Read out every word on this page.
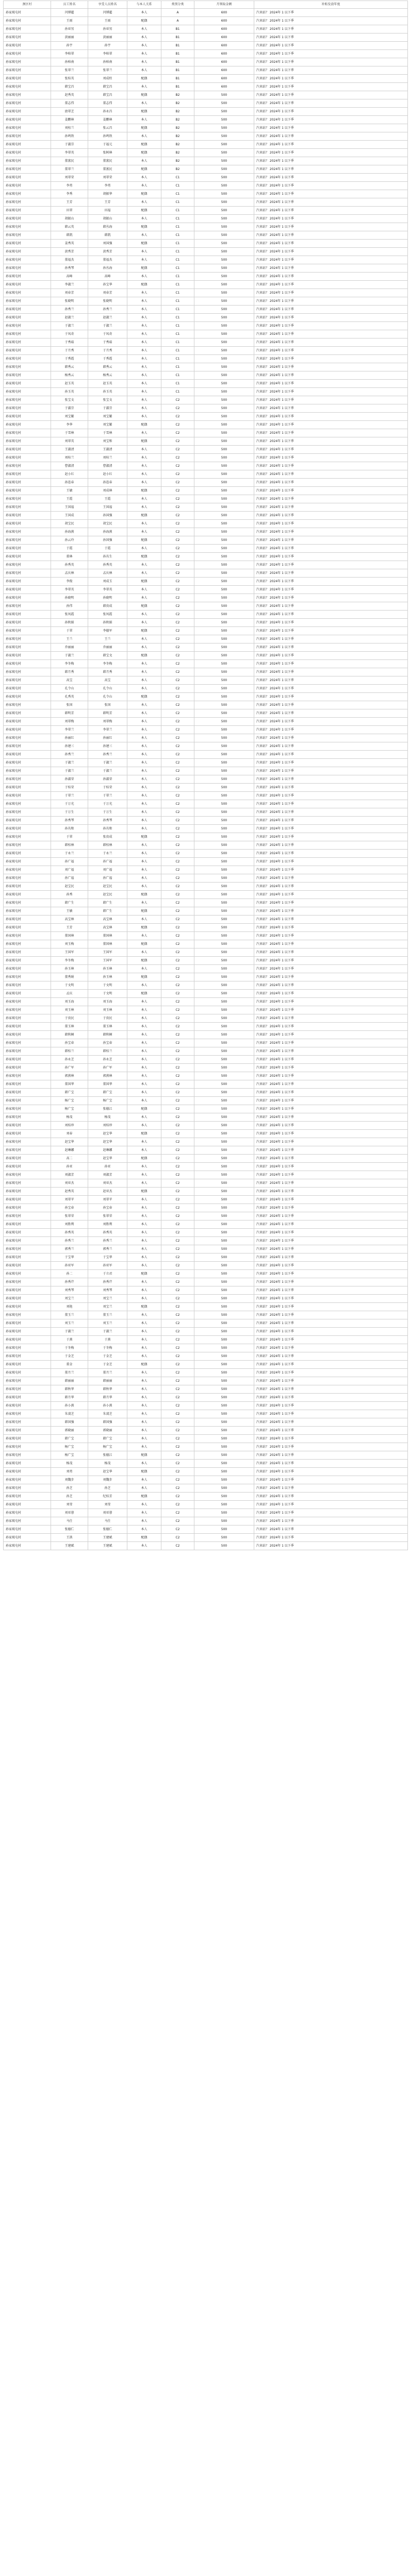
颈区村	员工姓名	享受人员姓名	与本人关系	类别分类	月领取金额	补贴发放年度
孙家坡屯村	闫博超	闫博超	本人	A	600	汽車站？ 2024年 1 以下季
孙家坡屯村	王雨	王雨	配偶	A	600	汽車站？ 2024年 1 以下季
孙家坡屯村	孙亚男	孙亚男	本人	B1	600	汽車站？ 2024年 1 以下季
孙家坡屯村	黄丽丽	黄丽丽	本人	B1	600	汽車站？ 2024年 1 以下季
孙家坡屯村	孙宇	孙宇	本人	B1	600	汽車站？ 2024年 1 以下季
孙家坡屯村	李柏翠	李柏翠	本人	B1	600	汽車站？ 2024年 1 以下季
孙家坡屯村	孙柏南	孙柏南	本人	B1	600	汽車站？ 2024年 1 以下季
孙家坡屯村	张翠兰	张翠兰	本人	B1	600	汽車站？ 2024年 1 以下季
孙家坡屯村	张桂英	刘成柱	配偶	B1	600	汽車站？ 2024年 1 以下季
孙家坡屯村	韩宝昌	韩宝昌	本人	B1	600	汽車站？ 2024年 1 以下季
孙家坡屯村	赵秀英	韩宝昌	配偶	B2	500	汽車站？ 2024年 1 以下季
孙家坡屯村	董志伟	董志伟	本人	B2	500	汽車站？ 2024年 1 以下季
孙家坡屯村	唐翠芝	孙永昌	配偶	B2	500	汽車站？ 2024年 1 以下季
孙家坡屯村	姜鹏林	姜鹏林	本人	B2	500	汽車站？ 2024年 1 以下季
孙家坡屯村	刘桂兰	张云昌	配偶	B2	500	汽車站？ 2024年 1 以下季
孙家坡屯村	孙鸣铁	孙鸣铁	本人	B2	500	汽車站？ 2024年 1 以下季
孙家坡屯村	于淑芬	于福元	配偶	B2	500	汽車站？ 2024年 1 以下季
孙家坡屯村	李翠英	张树林	配偶	B2	500	汽車站？ 2024年 1 以下季
孙家坡屯村	董富民	董富民	本人	B2	500	汽車站？ 2024年 1 以下季
孙家坡屯村	董翠兰	董富民	配偶	B2	500	汽車站？ 2024年 1 以下季
孙家坡屯村	刘翠荣	刘翠荣	本人	C1	500	汽車站？ 2024年 1 以下季
孙家坡屯村	李勇	李勇	本人	C1	500	汽車站？ 2024年 1 以下季
孙家坡屯村	李秀	胡振华	配偶	C1	500	汽車站？ 2024年 1 以下季
孙家坡屯村	王芳	王芳	本人	C1	500	汽車站？ 2024年 1 以下季
孙家坡屯村	田翠	田福	配偶	C1	500	汽車站？ 2024年 1 以下季
孙家坡屯村	胡振山	胡振山	本人	C1	500	汽車站？ 2024年 1 以下季
孙家坡屯村	韩云英	韩丛海	配偶	C1	500	汽車站？ 2024年 1 以下季
孙家坡屯村	韩凯	韩凯	本人	C1	500	汽車站？ 2024年 1 以下季
孙家坡屯村	姜秀英	刘国强	配偶	C1	500	汽車站？ 2024年 1 以下季
孙家坡屯村	黄秀芳	黄秀芳	本人	C1	500	汽車站？ 2024年 1 以下季
孙家坡屯村	董福杰	董福杰	本人	C1	500	汽車站？ 2024年 1 以下季
孙家坡屯村	孙秀琴	孙丛海	配偶	C1	500	汽車站？ 2024年 1 以下季
孙家坡屯村	高峰	高峰	本人	C1	500	汽車站？ 2024年 1 以下季
孙家坡屯村	李淑兰	孙宝华	配偶	C1	500	汽車站？ 2024年 1 以下季
孙家坡屯村	刘春芳	刘春芳	本人	C1	500	汽車站？ 2024年 1 以下季
孙家坡屯村	张晓明	张晓明	本人	C1	500	汽車站？ 2024年 1 以下季
孙家坡屯村	孙秀兰	孙秀兰	本人	C1	500	汽車站？ 2024年 1 以下季
孙家坡屯村	赵淑兰	赵淑兰	本人	C1	500	汽車站？ 2024年 1 以下季
孙家坡屯村	于淑兰	于淑兰	本人	C1	500	汽車站？ 2024年 1 以下季
孙家坡屯村	于凤奇	于凤奇	本人	C1	500	汽車站？ 2024年 1 以下季
孙家坡屯村	于秀茹	于秀茹	本人	C1	500	汽車站？ 2024年 1 以下季
孙家坡屯村	于月秀	于月秀	本人	C1	500	汽車站？ 2024年 1 以下季
孙家坡屯村	于秀霞	于秀霞	本人	C1	500	汽車站？ 2024年 1 以下季
孙家坡屯村	韩秀云	韩秀云	本人	C1	500	汽車站？ 2024年 1 以下季
孙家坡屯村	杨秀云	杨秀云	本人	C1	500	汽車站？ 2024年 1 以下季
孙家坡屯村	赵玉英	赵玉英	本人	C1	500	汽車站？ 2024年 1 以下季
孙家坡屯村	孙玉英	孙玉英	本人	C1	500	汽車站？ 2024年 1 以下季
孙家坡屯村	张宝文	张宝文	本人	C2	500	汽車站？ 2024年 1 以下季
孙家坡屯村	于淑芬	于淑芬	本人	C2	500	汽車站？ 2024年 1 以下季
孙家坡屯村	刘宝繁	刘宝繁	本人	C2	500	汽車站？ 2024年 1 以下季
孙家坡屯村	李华	刘宝繁	配偶	C2	500	汽車站？ 2024年 1 以下季
孙家坡屯村	于雪林	于雪林	本人	C2	500	汽車站？ 2024年 1 以下季
孙家坡屯村	刘翠英	刘宝和	配偶	C2	500	汽車站？ 2024年 1 以下季
孙家坡屯村	王淑清	王淑清	本人	C2	500	汽車站？ 2024年 1 以下季
孙家坡屯村	刘桂兰	刘桂兰	本人	C2	500	汽車站？ 2024年 1 以下季
孙家坡屯村	曹淑清	曹淑清	本人	C2	500	汽車站？ 2024年 1 以下季
孙家坡屯村	赵小红	赵小红	本人	C2	500	汽車站？ 2024年 1 以下季
孙家坡屯村	孙连春	孙连春	本人	C2	500	汽車站？ 2024年 1 以下季
孙家坡屯村	王敏	刘成林	配偶	C2	500	汽車站？ 2024年 1 以下季
孙家坡屯村	王霞	王霞	本人	C2	500	汽車站？ 2024年 1 以下季
孙家坡屯村	王国福	王国福	本人	C2	500	汽車站？ 2024年 1 以下季
孙家坡屯村	王国成	孙国强	配偶	C2	500	汽車站？ 2024年 1 以下季
孙家坡屯村	胡宝民	胡宝民	本人	C2	500	汽車站？ 2024年 1 以下季
孙家坡屯村	孙海燕	孙海燕	本人	C2	500	汽車站？ 2024年 1 以下季
孙家坡屯村	孙云玲	孙国强	配偶	C2	500	汽車站？ 2024年 1 以下季
孙家坡屯村	于霞	于霞	本人	C2	500	汽車站？ 2024年 1 以下季
孙家坡屯村	董林	孙丛生	配偶	C2	500	汽車站？ 2024年 1 以下季
孙家坡屯村	孙秀英	孙秀英	本人	C2	500	汽車站？ 2024年 1 以下季
孙家坡屯村	孟庆林	孟庆林	本人	C2	500	汽車站？ 2024年 1 以下季
孙家坡屯村	李俊	刘成玉	配偶	C2	500	汽車站？ 2024年 1 以下季
孙家坡屯村	李翠英	李翠英	本人	C2	500	汽車站？ 2024年 1 以下季
孙家坡屯村	孙晓明	孙晓明	本人	C2	500	汽車站？ 2024年 1 以下季
孙家坡屯村	孙伟	韩贵成	配偶	C2	500	汽車站？ 2024年 1 以下季
孙家坡屯村	张凤霞	张凤霞	本人	C2	500	汽車站？ 2024年 1 以下季
孙家坡屯村	孙秋娟	孙秋娟	本人	C2	500	汽車站？ 2024年 1 以下季
孙家坡屯村	于翠	李德军	配偶	C2	500	汽車站？ 2024年 1 以下季
孙家坡屯村	王兰	王兰	本人	C2	500	汽車站？ 2024年 1 以下季
孙家坡屯村	乔丽丽	乔丽丽	本人	C2	500	汽車站？ 2024年 1 以下季
孙家坡屯村	于淑兰	韩宝文	配偶	C2	500	汽車站？ 2024年 1 以下季
孙家坡屯村	李冬梅	李冬梅	本人	C2	500	汽車站？ 2024年 1 以下季
孙家坡屯村	韩月秀	韩月秀	本人	C2	500	汽車站？ 2024年 1 以下季
孙家坡屯村	高宝	高宝	本人	C2	500	汽車站？ 2024年 1 以下季
孙家坡屯村	孔令山	孔令山	本人	C2	500	汽車站？ 2024年 1 以下季
孙家坡屯村	孔秀英	孔令山	配偶	C2	500	汽車站？ 2024年 1 以下季
孙家坡屯村	张国	张国	本人	C2	500	汽車站？ 2024年 1 以下季
孙家坡屯村	韩明芳	韩明芳	本人	C2	500	汽車站？ 2024年 1 以下季
孙家坡屯村	刘翠梅	刘翠梅	本人	C2	500	汽車站？ 2024年 1 以下季
孙家坡屯村	李翠兰	李翠兰	本人	C2	500	汽車站？ 2024年 1 以下季
孙家坡屯村	孙丽红	孙丽红	本人	C2	500	汽車站？ 2024年 1 以下季
孙家坡屯村	孙建三	孙建三	本人	C2	500	汽車站？ 2024年 1 以下季
孙家坡屯村	孙秀兰	孙秀兰	本人	C2	500	汽車站？ 2024年 1 以下季
孙家坡屯村	于淑兰	于淑兰	本人	C2	500	汽車站？ 2024年 1 以下季
孙家坡屯村	于淑兰	于淑兰	本人	C2	500	汽車站？ 2024年 1 以下季
孙家坡屯村	孙淑荣	孙淑荣	本人	C2	500	汽車站？ 2024年 1 以下季
孙家坡屯村	于桂荣	于桂荣	本人	C2	500	汽車站？ 2024年 1 以下季
孙家坡屯村	于翠兰	于翠兰	本人	C2	500	汽車站？ 2024年 1 以下季
孙家坡屯村	于万光	于万光	本人	C2	500	汽車站？ 2024年 1 以下季
孙家坡屯村	于万生	于万生	本人	C2	500	汽車站？ 2024年 1 以下季
孙家坡屯村	孙秀琴	孙秀琴	本人	C2	500	汽車站？ 2024年 1 以下季
孙家坡屯村	孙丛和	孙丛和	本人	C2	500	汽車站？ 2024年 1 以下季
孙家坡屯村	于翠	张贵成	配偶	C2	500	汽車站？ 2024年 1 以下季
孙家坡屯村	韩桂林	韩桂林	本人	C2	500	汽車站？ 2024年 1 以下季
孙家坡屯村	于永兰	于永兰	本人	C2	500	汽車站？ 2024年 1 以下季
孙家坡屯村	孙广福	孙广福	本人	C2	500	汽車站？ 2024年 1 以下季
孙家坡屯村	刘广福	刘广福	本人	C2	500	汽車站？ 2024年 1 以下季
孙家坡屯村	孙广福	孙广福	本人	C2	500	汽車站？ 2024年 1 以下季
孙家坡屯村	赵宝民	赵宝民	本人	C2	500	汽車站？ 2024年 1 以下季
孙家坡屯村	孙秀	赵宝民	配偶	C2	500	汽車站？ 2024年 1 以下季
孙家坡屯村	韩广生	韩广生	本人	C2	500	汽車站？ 2024年 1 以下季
孙家坡屯村	王敏	韩广生	配偶	C2	500	汽車站？ 2024年 1 以下季
孙家坡屯村	高宝林	高宝林	本人	C2	500	汽車站？ 2024年 1 以下季
孙家坡屯村	王芳	高宝林	配偶	C2	500	汽車站？ 2024年 1 以下季
孙家坡屯村	董国林	董国林	本人	C2	500	汽車站？ 2024年 1 以下季
孙家坡屯村	刘玉梅	董国林	配偶	C2	500	汽車站？ 2024年 1 以下季
孙家坡屯村	王国军	王国军	本人	C2	500	汽車站？ 2024年 1 以下季
孙家坡屯村	李冬梅	王国军	配偶	C2	500	汽車站？ 2024年 1 以下季
孙家坡屯村	孙玉林	孙玉林	本人	C2	500	汽車站？ 2024年 1 以下季
孙家坡屯村	董秀娟	孙玉林	配偶	C2	500	汽車站？ 2024年 1 以下季
孙家坡屯村	于文明	于文明	本人	C2	500	汽車站？ 2024年 1 以下季
孙家坡屯村	孟庆	于文明	配偶	C2	500	汽車站？ 2024年 1 以下季
孙家坡屯村	刘玉海	刘玉海	本人	C2	500	汽車站？ 2024年 1 以下季
孙家坡屯村	刘玉林	刘玉林	本人	C2	500	汽車站？ 2024年 1 以下季
孙家坡屯村	于贵民	于贵民	本人	C2	500	汽車站？ 2024年 1 以下季
孙家坡屯村	董玉林	董玉林	本人	C2	500	汽車站？ 2024年 1 以下季
孙家坡屯村	韩秋桐	韩秋桐	本人	C2	500	汽車站？ 2024年 1 以下季
孙家坡屯村	孙宝春	孙宝春	本人	C2	500	汽車站？ 2024年 1 以下季
孙家坡屯村	韩桂兰	韩桂兰	本人	C2	500	汽車站？ 2024年 1 以下季
孙家坡屯村	孙永芝	孙永芝	本人	C2	500	汽車站？ 2024年 1 以下季
孙家坡屯村	孙广军	孙广军	本人	C2	500	汽車站？ 2024年 1 以下季
孙家坡屯村	郭燕林	郭燕林	本人	C2	500	汽車站？ 2024年 1 以下季
孙家坡屯村	董国华	董国华	本人	C2	500	汽車站？ 2024年 1 以下季
孙家坡屯村	韩广宝	韩广宝	本人	C2	500	汽車站？ 2024年 1 以下季
孙家坡屯村	杨广宝	杨广宝	本人	C2	500	汽車站？ 2024年 1 以下季
孙家坡屯村	杨广宝	张德江	配偶	C2	500	汽車站？ 2024年 1 以下季
孙家坡屯村	杨茂	杨茂	本人	C2	500	汽車站？ 2024年 1 以下季
孙家坡屯村	刘桂珍	刘桂珍	本人	C2	500	汽車站？ 2024年 1 以下季
孙家坡屯村	刘春	赵宝华	配偶	C2	500	汽車站？ 2024年 1 以下季
孙家坡屯村	赵宝华	赵宝华	本人	C2	500	汽車站？ 2024年 1 以下季
孙家坡屯村	赵琳娜	赵琳娜	本人	C2	500	汽車站？ 2024年 1 以下季
孙家坡屯村	高二	赵宝华	配偶	C2	500	汽車站？ 2024年 1 以下季
孙家坡屯村	孙亚	孙亚	本人	C2	500	汽車站？ 2024年 1 以下季
孙家坡屯村	刘淑芳	刘淑芳	本人	C2	500	汽車站？ 2024年 1 以下季
孙家坡屯村	刘亚杰	刘亚杰	本人	C2	500	汽車站？ 2024年 1 以下季
孙家坡屯村	赵秀英	赵亚杰	配偶	C2	500	汽車站？ 2024年 1 以下季
孙家坡屯村	刘翠苹	刘翠苹	本人	C2	500	汽車站？ 2024年 1 以下季
孙家坡屯村	孙宝春	孙宝春	本人	C2	500	汽車站？ 2024年 1 以下季
孙家坡屯村	张翠荣	张翠荣	本人	C2	500	汽車站？ 2024年 1 以下季
孙家坡屯村	刘胜利	刘胜利	本人	C2	500	汽車站？ 2024年 1 以下季
孙家坡屯村	孙秀英	孙秀英	本人	C2	500	汽車站？ 2024年 1 以下季
孙家坡屯村	孙秀兰	孙秀兰	本人	C2	500	汽車站？ 2024年 1 以下季
孙家坡屯村	郭秀兰	郭秀兰	本人	C2	500	汽車站？ 2024年 1 以下季
孙家坡屯村	于宝华	于宝华	本人	C2	500	汽車站？ 2024年 1 以下季
孙家坡屯村	孙亚军	孙亚军	本人	C2	500	汽車站？ 2024年 1 以下季
孙家坡屯村	孙二	于立君	配偶	C2	500	汽車站？ 2024年 1 以下季
孙家坡屯村	孙秀芹	孙秀芹	本人	C2	500	汽車站？ 2024年 1 以下季
孙家坡屯村	刘秀琴	刘秀琴	本人	C2	500	汽車站？ 2024年 1 以下季
孙家坡屯村	刘宝兰	刘宝兰	本人	C2	500	汽車站？ 2024年 1 以下季
孙家坡屯村	刘艳	刘宝兰	配偶	C2	500	汽車站？ 2024年 1 以下季
孙家坡屯村	董玉兰	董玉兰	本人	C2	500	汽車站？ 2024年 1 以下季
孙家坡屯村	刘玉兰	刘玉兰	本人	C2	500	汽車站？ 2024年 1 以下季
孙家坡屯村	于淑兰	于淑兰	本人	C2	500	汽車站？ 2024年 1 以下季
孙家坡屯村	于燕	于燕	本人	C2	500	汽車站？ 2024年 1 以下季
孙家坡屯村	于冬梅	于冬梅	本人	C2	500	汽車站？ 2024年 1 以下季
孙家坡屯村	于金芝	于金芝	本人	C2	500	汽車站？ 2024年 1 以下季
孙家坡屯村	董金	于金芝	配偶	C2	500	汽車站？ 2024年 1 以下季
孙家坡屯村	董月兰	董月兰	本人	C2	500	汽車站？ 2024年 1 以下季
孙家坡屯村	韩丽丽	韩丽丽	本人	C2	500	汽車站？ 2024年 1 以下季
孙家坡屯村	韩秋华	韩秋华	本人	C2	500	汽車站？ 2024年 1 以下季
孙家坡屯村	韩月华	韩月华	本人	C2	500	汽車站？ 2024年 1 以下季
孙家坡屯村	孙小燕	孙小燕	本人	C2	500	汽車站？ 2024年 1 以下季
孙家坡屯村	朱凌芝	朱凌芝	本人	C2	500	汽車站？ 2024年 1 以下季
孙家坡屯村	韩国强	韩国强	本人	C2	500	汽車站？ 2024年 1 以下季
孙家坡屯村	郭晓丽	郭晓丽	本人	C2	500	汽車站？ 2024年 1 以下季
孙家坡屯村	韩广宝	韩广宝	本人	C2	500	汽車站？ 2024年 1 以下季
孙家坡屯村	杨广宝	杨广宝	本人	C2	500	汽車站？ 2024年 1 以下季
孙家坡屯村	杨广宝	张德江	配偶	C2	500	汽車站？ 2024年 1 以下季
孙家坡屯村	杨茂	杨茂	本人	C2	500	汽車站？ 2024年 1 以下季
孙家坡屯村	刘勇	赵宝华	配偶	C2	500	汽車站？ 2024年 1 以下季
孙家坡屯村	刘魏步	刘魏步	本人	C2	500	汽車站？ 2024年 1 以下季
孙家坡屯村	孙芝	孙芝	本人	C2	500	汽車站？ 2024年 1 以下季
孙家坡屯村	孙芝	纪桂芳	配偶	C2	500	汽車站？ 2024年 1 以下季
孙家坡屯村	刘莹	刘莹	本人	C2	500	汽車站？ 2024年 1 以下季
孙家坡屯村	刘亚蓉	刘亚蓉	本人	C2	500	汽車站？ 2024年 1 以下季
孙家坡屯村	马仕	马仕	本人	C2	500	汽車站？ 2024年 1 以下季
孙家坡屯村	张德仁	张德仁	本人	C2	500	汽車站？ 2024年 1 以下季
孙家坡屯村	王洪	王建斌	配偶	C2	500	汽車站？ 2024年 1 以下季
孙家坡屯村	王建斌	王建斌	本人	C2	500	汽車站？ 2024年 1 以下季
